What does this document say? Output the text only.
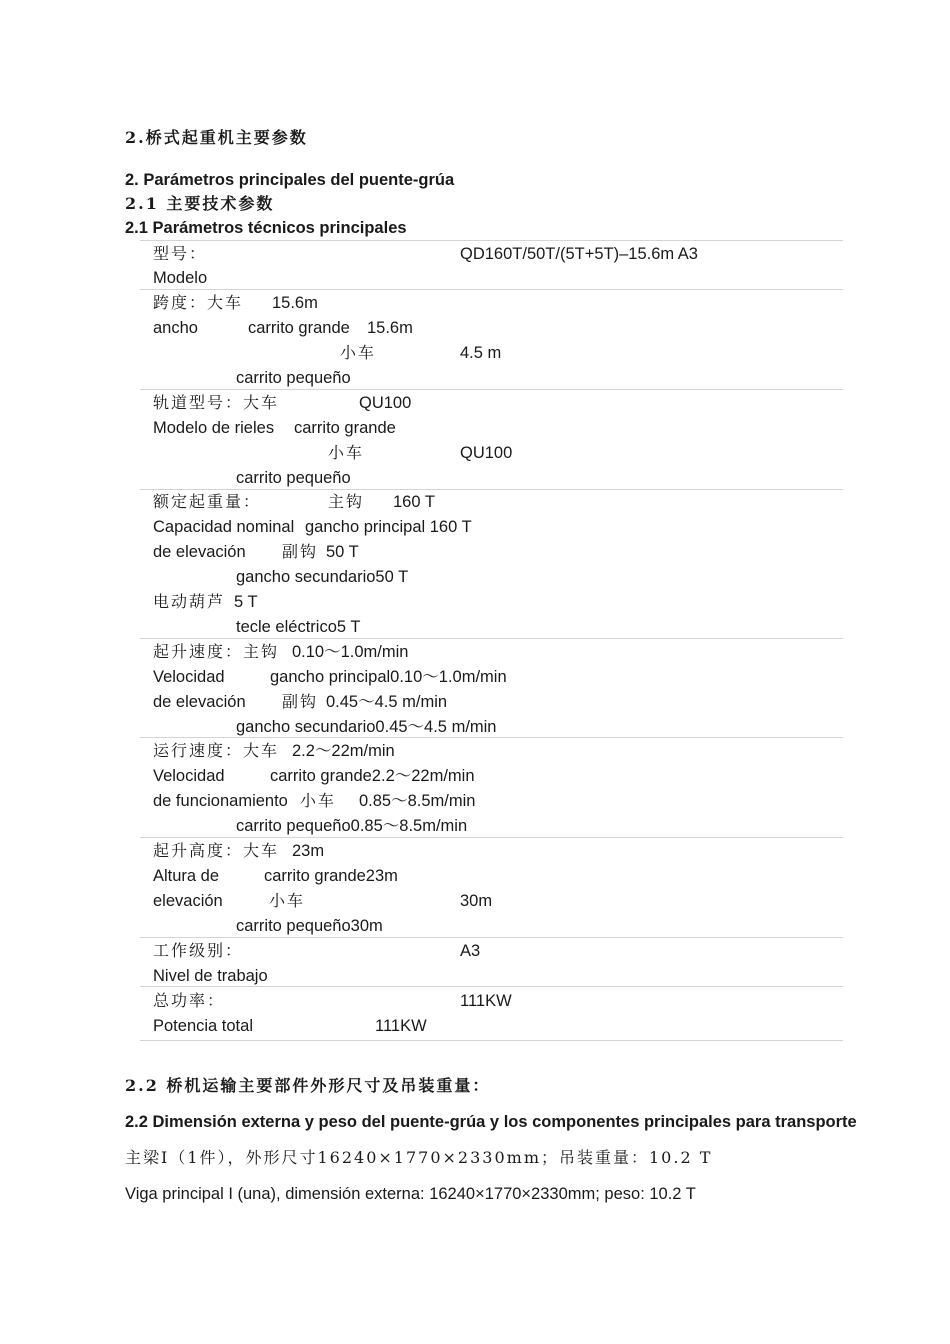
2.桥式起重机主要参数
2. Parámetros principales del puente-grúa
2.1 主要技术参数
2.1 Parámetros técnicos principales
型号：	QD160T/50T/(5T+5T)–15.6m A3
Modelo
跨度：大车 15.6m
ancho	carrito grande 15.6m
小车	4.5 m
carrito pequeño
轨道型号：大车	QU100
Modelo de rieles carrito grande
小车	QU100
carrito pequeño
额定起重量：	主钩 160 T
Capacidad nominal gancho principal 160 T
de elevación 副钩 50 T
gancho secundario50 T
电动葫芦 5 T
tecle eléctrico5 T
起升速度：主钩 0.10～1.0m/min
Velocidad	gancho principal0.10～1.0m/min
de elevación 副钩 0.45～4.5 m/min
gancho secundario0.45～4.5 m/min
运行速度：大车 2.2～22m/min
Velocidad	carrito grande2.2～22m/min
de funcionamiento 小车 0.85～8.5m/min
carrito pequeño0.85～8.5m/min
起升高度：大车 23m
Altura de	carrito grande23m
elevación	小车	30m
carrito pequeño30m
工作级别：	A3
Nivel de trabajo
总功率：	111KW
Potencia total	111KW
2.2 桥机运输主要部件外形尺寸及吊装重量：
2.2 Dimensión externa y peso del puente-grúa y los componentes principales para transporte
主梁Ⅰ（1件），外形尺寸16240×1770×2330mm；吊装重量：10.2 T
Viga principal I (una), dimensión externa: 16240×1770×2330mm; peso: 10.2 T
